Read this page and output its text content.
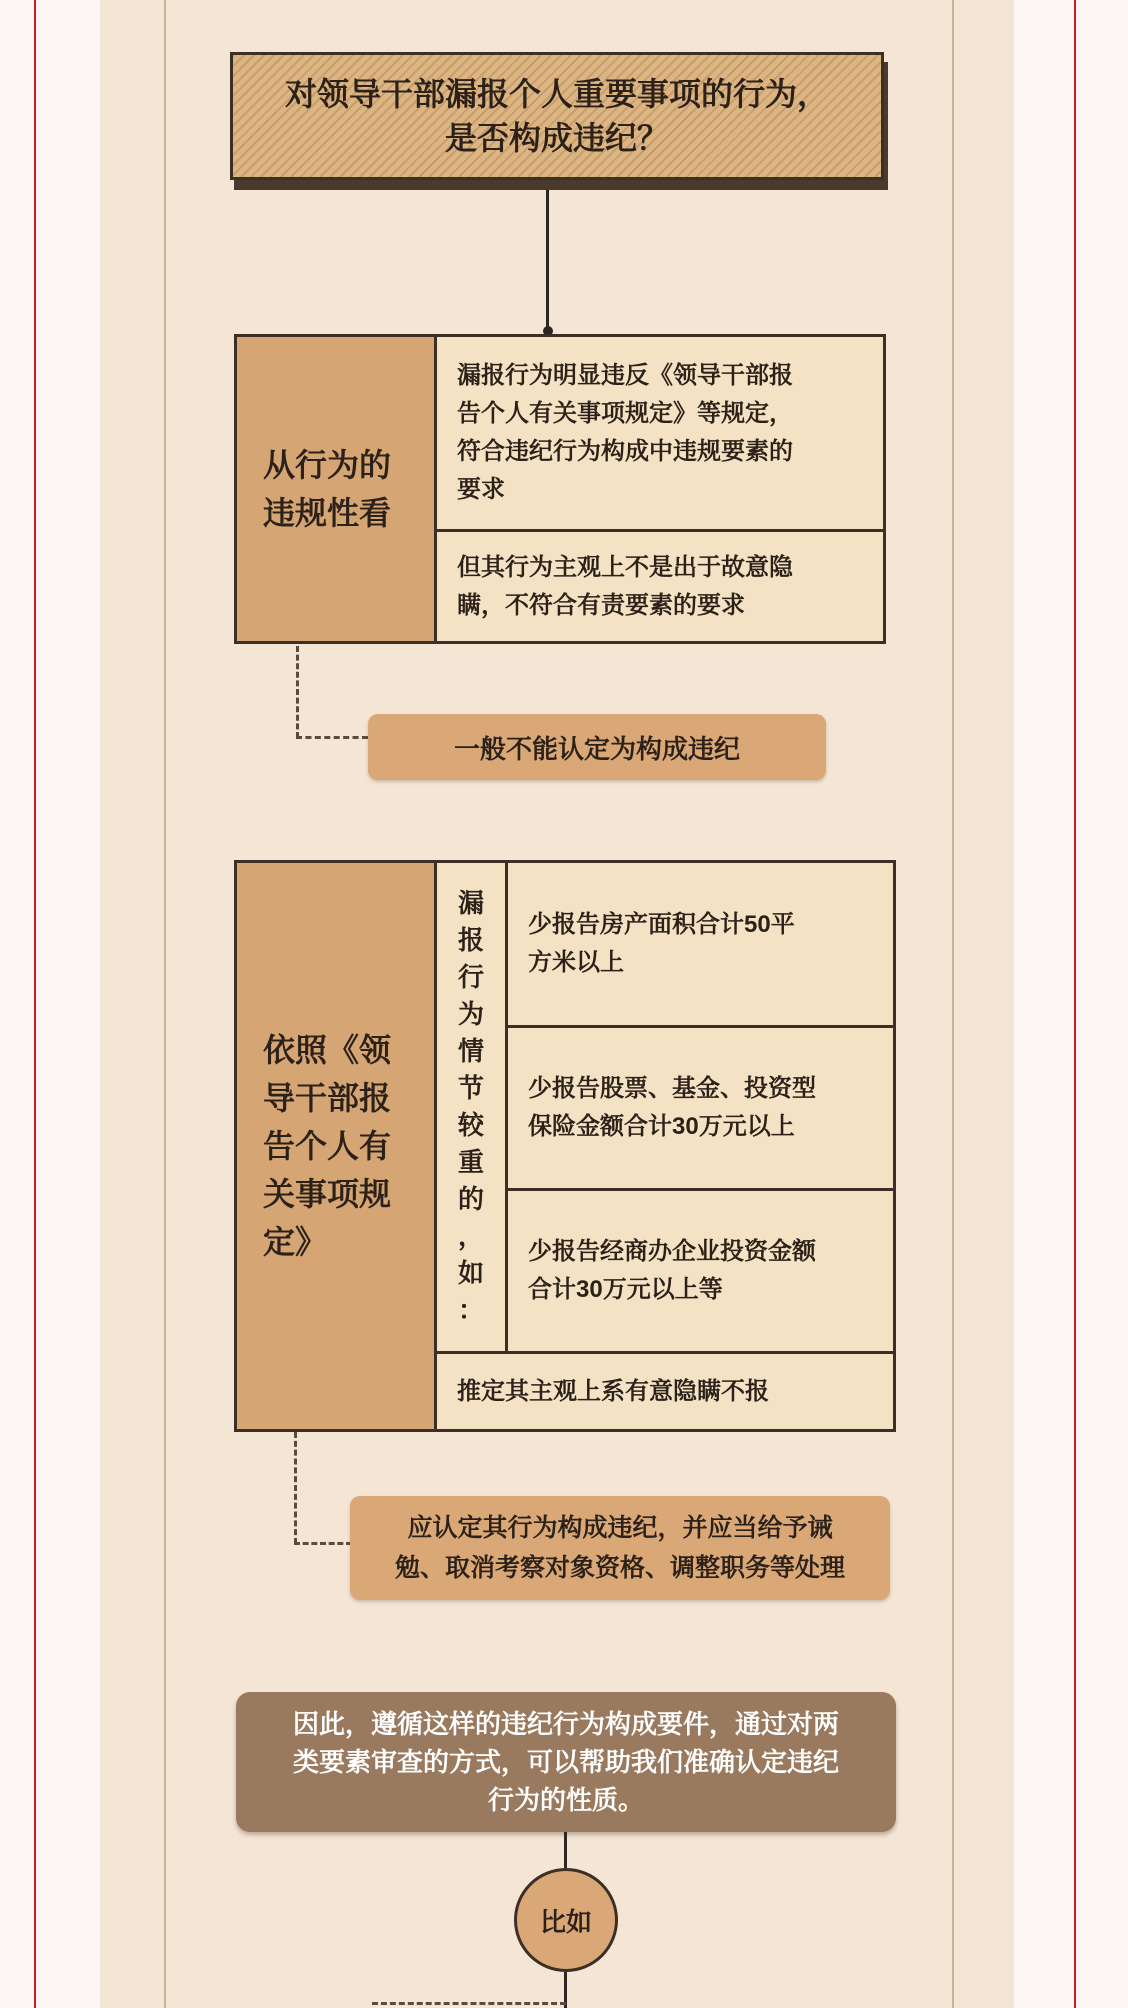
对领导干部漏报个人重要事项的行为，
是否构成违纪？
从行为的
违规性看
漏报行为明显违反《领导干部报
告个人有关事项规定》等规定，
符合违纪行为构成中违规要素的
要求
但其行为主观上不是出于故意隐
瞒，不符合有责要素的要求
一般不能认定为构成违纪
依照《领
导干部报
告个人有
关事项规
定》
漏
报
行
为
情
节
较
重
的
，
如
：
少报告房产面积合计50平
方米以上
少报告股票、基金、投资型
保险金额合计30万元以上
少报告经商办企业投资金额
合计30万元以上等
推定其主观上系有意隐瞒不报
应认定其行为构成违纪，并应当给予诫
勉、取消考察对象资格、调整职务等处理
因此，遵循这样的违纪行为构成要件，通过对两
类要素审查的方式，可以帮助我们准确认定违纪
行为的性质。
比如
